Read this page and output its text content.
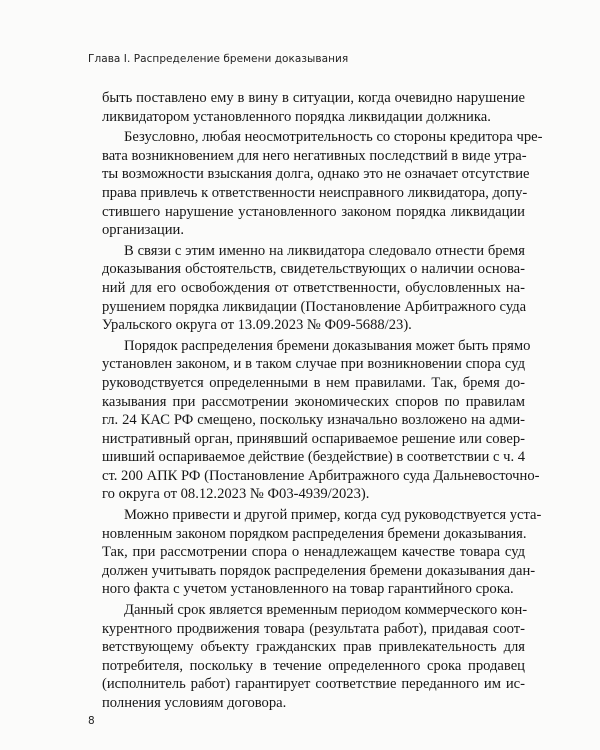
Глава I. Распределение бремени доказывания

быть поставлено ему в вину в ситуации, когда очевидно нарушение
ликвидатором установленного порядка ликвидации должника.

Безусловно, любая неосмотрительность со стороны кредитора чре-
вата возникновением для него негативных последствий в виде утра-
ты возможности взыскания долга, однако это не означает отсутствие
права привлечь к ответственности неисправного ликвидатора, допу-
стившего нарушение установленного законом порядка ликвидации
организации.

В связи с этим именно на ликвидатора следовало отнести бремя
доказывания обстоятельств, свидетельствующих о наличии основа-
ний для его освобождения от ответственности, обусловленных на-
рушением порядка ликвидации (Постановление Арбитражного суда
Уральского округа от 13.09.2023 № Ф09-5688/23).

Порядок распределения бремени доказывания может быть прямо
установлен законом, и в таком случае при возникновении спора суд
руководствуется определенными в нем правилами. Так, бремя до-
казывания при рассмотрении экономических споров по правилам
гл. 24 КАС РФ смещено, поскольку изначально возложено на адми-
нистративный орган, принявший оспариваемое решение или совер-
шивший оспариваемое действие (бездействие) в соответствии с ч. 4
ст. 200 АПК РФ (Постановление Арбитражного суда Дальневосточно-
го округа от 08.12.2023 № Ф03-4939/2023).

Можно привести и другой пример, когда суд руководствуется уста-
новленным законом порядком распределения бремени доказывания.
Так, при рассмотрении спора о ненадлежащем качестве товара суд
должен учитывать порядок распределения бремени доказывания дан-
ного факта с учетом установленного на товар гарантийного срока.

Данный срок является временным периодом коммерческого кон-
курентного продвижения товара (результата работ), придавая соот-
ветствующему объекту гражданских прав привлекательность для
потребителя, поскольку в течение определенного срока продавец
(исполнитель работ) гарантирует соответствие переданного им ис-
полнения условиям договора.

8
